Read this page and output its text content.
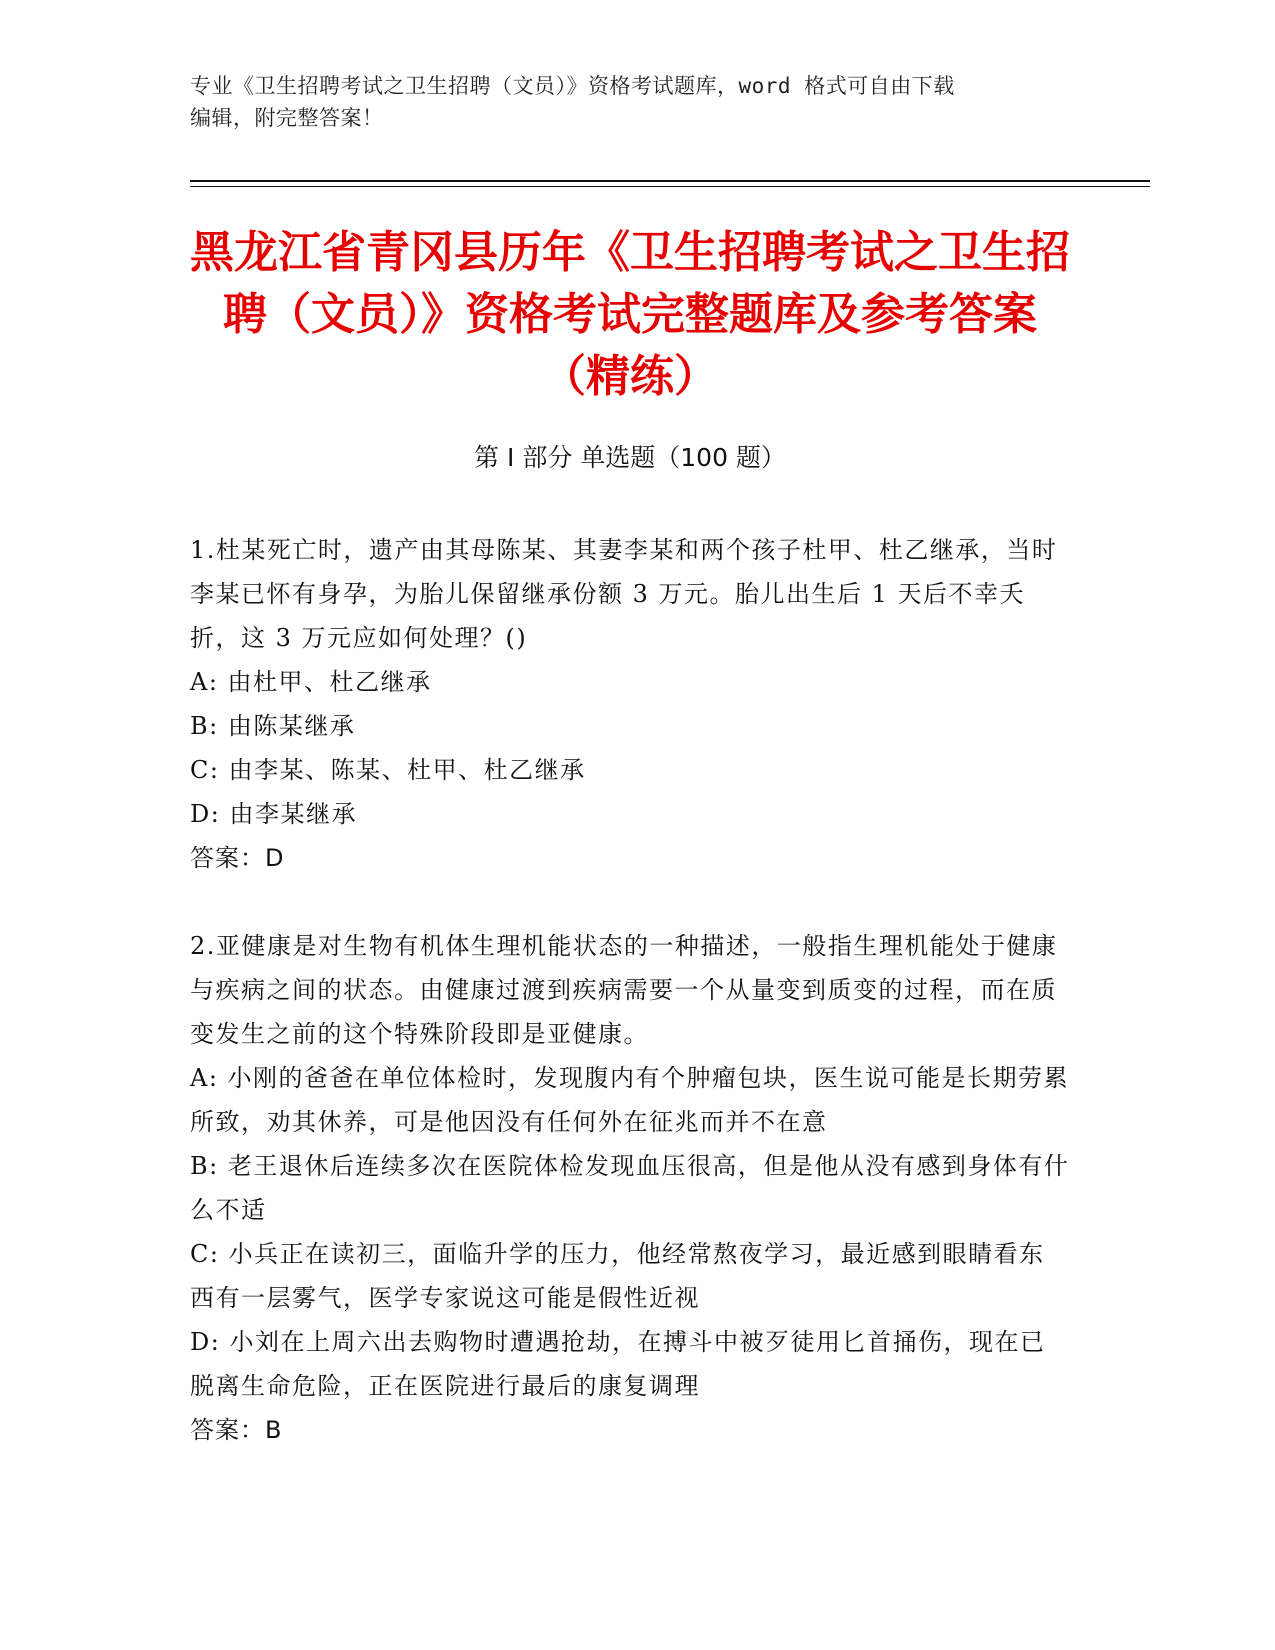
专业《卫生招聘考试之卫生招聘（文员）》资格考试题库，word 格式可自由下载
编辑，附完整答案！
黑龙江省青冈县历年《卫生招聘考试之卫生招聘（文员）》资格考试完整题库及参考答案（精练）
第 I 部分 单选题（100 题）
1.杜某死亡时，遗产由其母陈某、其妻李某和两个孩子杜甲、杜乙继承，当时李某已怀有身孕，为胎儿保留继承份额 3 万元。胎儿出生后 1 天后不幸夭折，这 3 万元应如何处理？()
A: 由杜甲、杜乙继承
B: 由陈某继承
C: 由李某、陈某、杜甲、杜乙继承
D: 由李某继承
答案：D
2.亚健康是对生物有机体生理机能状态的一种描述，一般指生理机能处于健康与疾病之间的状态。由健康过渡到疾病需要一个从量变到质变的过程，而在质变发生之前的这个特殊阶段即是亚健康。
A: 小刚的爸爸在单位体检时，发现腹内有个肿瘤包块，医生说可能是长期劳累所致，劝其休养，可是他因没有任何外在征兆而并不在意
B: 老王退休后连续多次在医院体检发现血压很高，但是他从没有感到身体有什么不适
C: 小兵正在读初三，面临升学的压力，他经常熬夜学习，最近感到眼睛看东西有一层雾气，医学专家说这可能是假性近视
D: 小刘在上周六出去购物时遭遇抢劫，在搏斗中被歹徒用匕首捅伤，现在已脱离生命危险，正在医院进行最后的康复调理
答案：B
